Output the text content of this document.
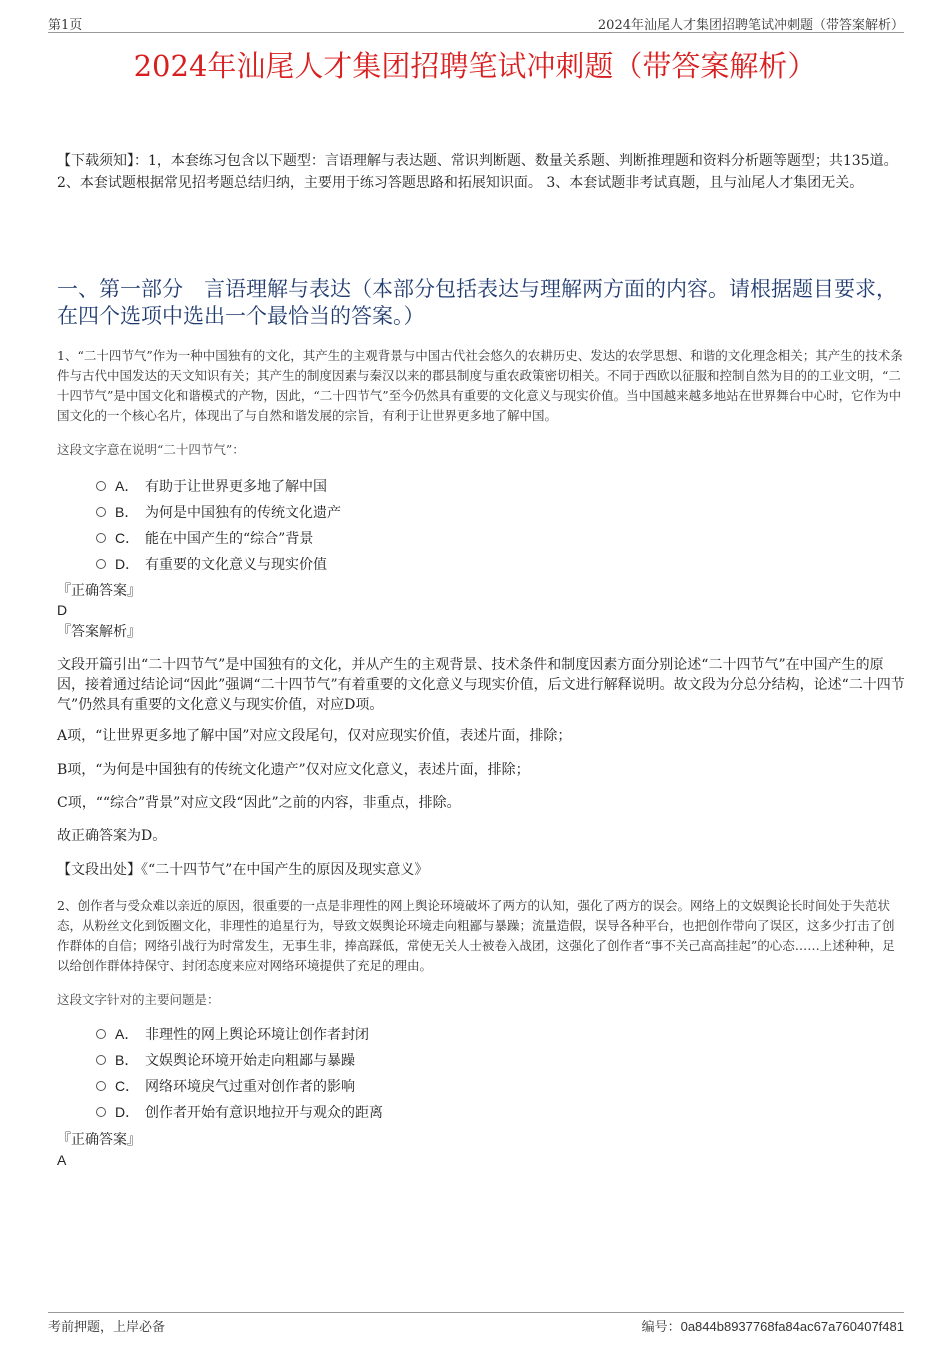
第1页	2024年汕尾人才集团招聘笔试冲刺题（带答案解析）
2024年汕尾人才集团招聘笔试冲刺题（带答案解析）
【下载须知】：1，本套练习包含以下题型：言语理解与表达题、常识判断题、数量关系题、判断推理题和资料分析题等题型；共135道。 2、本套试题根据常见招考题总结归纳，主要用于练习答题思路和拓展知识面。 3、本套试题非考试真题，且与汕尾人才集团无关。
一、第一部分　言语理解与表达（本部分包括表达与理解两方面的内容。请根据题目要求，在四个选项中选出一个最恰当的答案。）
1、“二十四节气”作为一种中国独有的文化，其产生的主观背景与中国古代社会悠久的农耕历史、发达的农学思想、和谐的文化理念相关；其产生的技术条件与古代中国发达的天文知识有关；其产生的制度因素与秦汉以来的郡县制度与重农政策密切相关。不同于西欧以征服和控制自然为目的的工业文明，“二十四节气”是中国文化和谐模式的产物，因此，“二十四节气”至今仍然具有重要的文化意义与现实价值。当中国越来越多地站在世界舞台中心时，它作为中国文化的一个核心名片，体现出了与自然和谐发展的宗旨，有利于让世界更多地了解中国。
这段文字意在说明“二十四节气”：
A． 有助于让世界更多地了解中国
B． 为何是中国独有的传统文化遗产
C． 能在中国产生的“综合”背景
D． 有重要的文化意义与现实价值
『正确答案』
D
『答案解析』
文段开篇引出“二十四节气”是中国独有的文化，并从产生的主观背景、技术条件和制度因素方面分别论述“二十四节气”在中国产生的原因，接着通过结论词“因此”强调“二十四节气”有着重要的文化意义与现实价值，后文进行解释说明。故文段为分总分结构，论述“二十四节气”仍然具有重要的文化意义与现实价值，对应D项。
A项，“让世界更多地了解中国”对应文段尾句，仅对应现实价值，表述片面，排除；
B项，“为何是中国独有的传统文化遗产”仅对应文化意义，表述片面，排除；
C项，““综合”背景”对应文段“因此”之前的内容，非重点，排除。
故正确答案为D。
【文段出处】《“二十四节气”在中国产生的原因及现实意义》
2、创作者与受众难以亲近的原因，很重要的一点是非理性的网上舆论环境破坏了两方的认知，强化了两方的误会。网络上的文娱舆论长时间处于失范状态，从粉丝文化到饭圈文化，非理性的追星行为，导致文娱舆论环境走向粗鄙与暴躁；流量造假，误导各种平台，也把创作带向了误区，这多少打击了创作群体的自信；网络引战行为时常发生，无事生非，捧高踩低，常使无关人士被卷入战团，这强化了创作者“事不关己高高挂起”的心态……上述种种，足以给创作群体持保守、封闭态度来应对网络环境提供了充足的理由。
这段文字针对的主要问题是：
A． 非理性的网上舆论环境让创作者封闭
B． 文娱舆论环境开始走向粗鄙与暴躁
C． 网络环境戾气过重对创作者的影响
D． 创作者开始有意识地拉开与观众的距离
『正确答案』
A
考前押题，上岸必备	编号：0a844b8937768fa84ac67a760407f481
